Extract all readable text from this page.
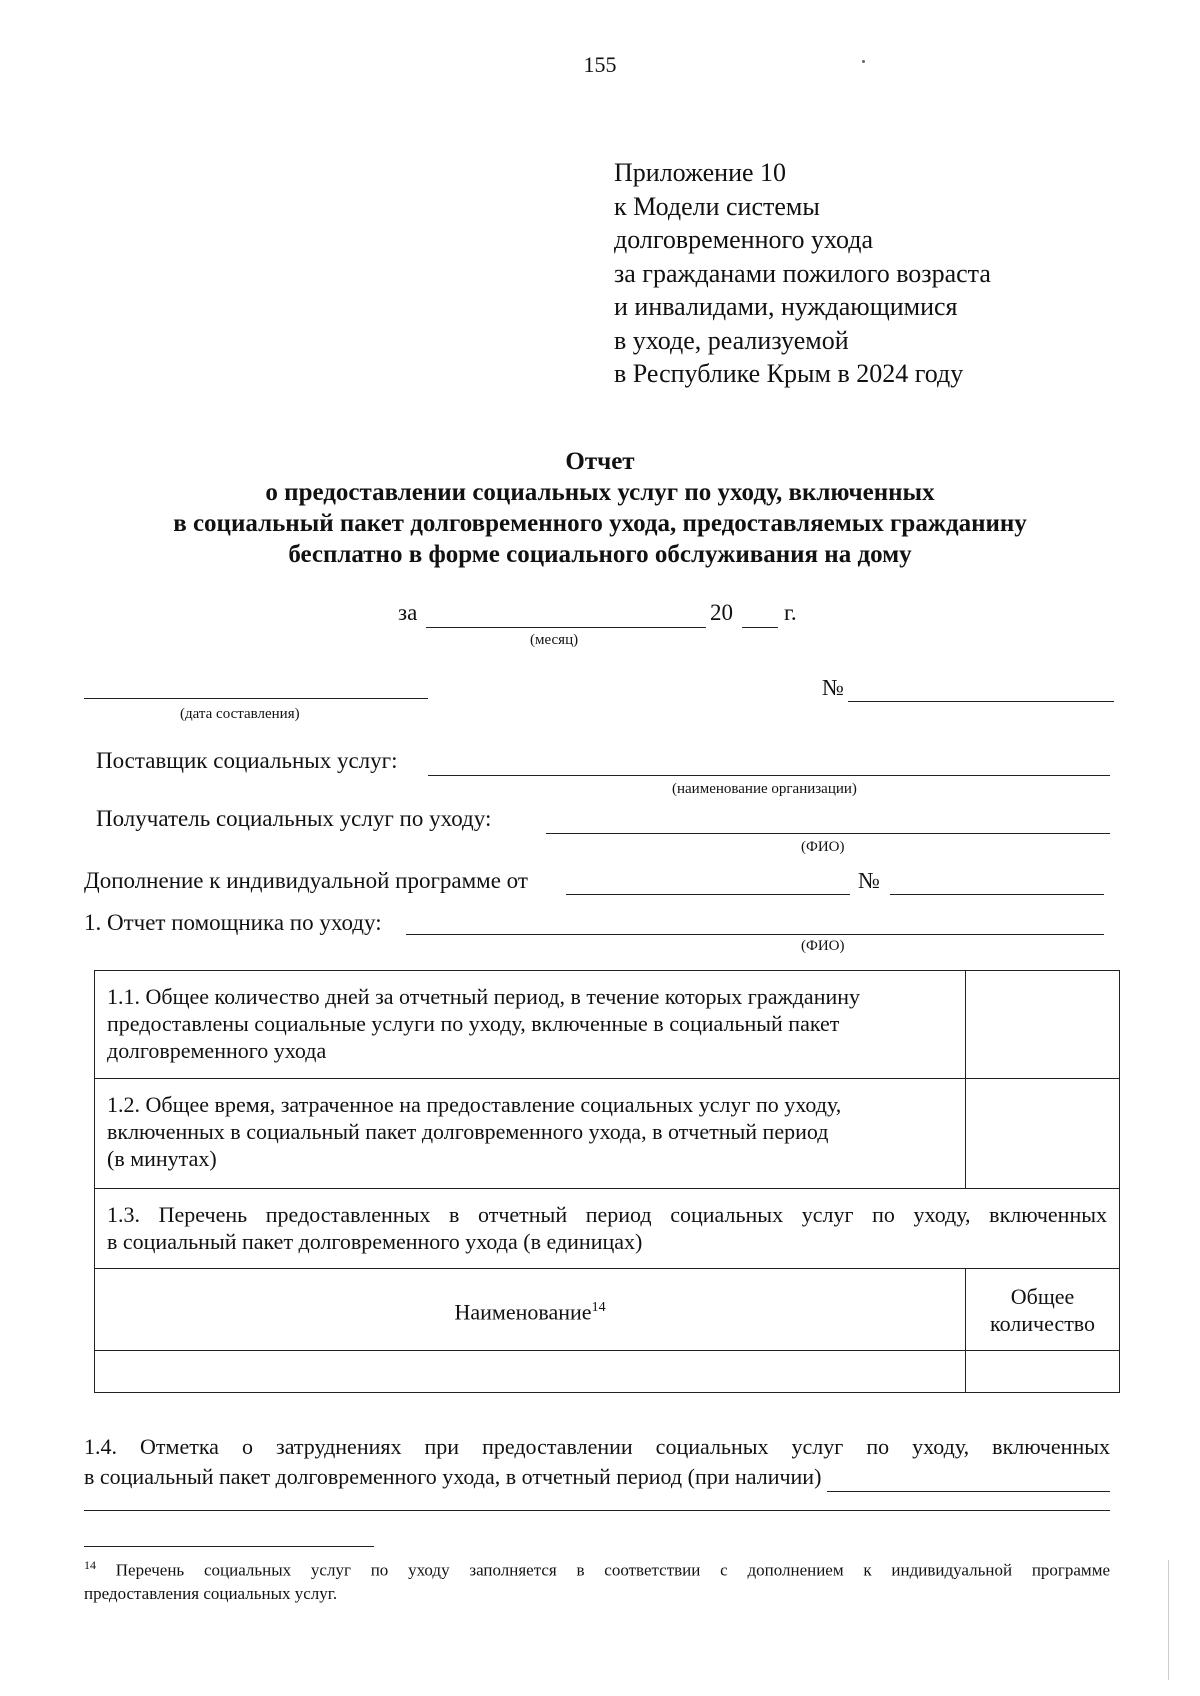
155
Приложение 10
к Модели системы
долговременного ухода
за гражданами пожилого возраста
и инвалидами, нуждающимися
в уходе, реализуемой
в Республике Крым в 2024 году
Отчет
о предоставлении социальных услуг по уходу, включенных
в социальный пакет долговременного ухода, предоставляемых гражданину
бесплатно в форме социального обслуживания на дому
за	20 г.
(месяц)
(дата составления)
№
Поставщик социальных услуг:
(наименование организации)
Получатель социальных услуг по уходу:
(ФИО)
Дополнение к индивидуальной программе от	№
1. Отчет помощника по уходу:
(ФИО)
1.1. Общее количество дней за отчетный период, в течение которых гражданину
предоставлены социальные услуги по уходу, включенные в социальный пакет
долговременного ухода	

1.2. Общее время, затраченное на предоставление социальных услуг по уходу,
включенных в социальный пакет долговременного ухода, в отчетный период
(в минутах)	

1.3. Перечень предоставленных в отчетный период социальных услуг по уходу, включенных
в социальный пакет долговременного ухода (в единицах)	

Наименование$^{14}$	Общее
количество

1.4. Отметка о затруднениях при предоставлении социальных услуг по уходу, включенных
в социальный пакет долговременного ухода, в отчетный период (при наличии)
$^{14}$ Перечень социальных услуг по уходу заполняется в соответствии с дополнением к индивидуальной программе
предоставления социальных услуг.
